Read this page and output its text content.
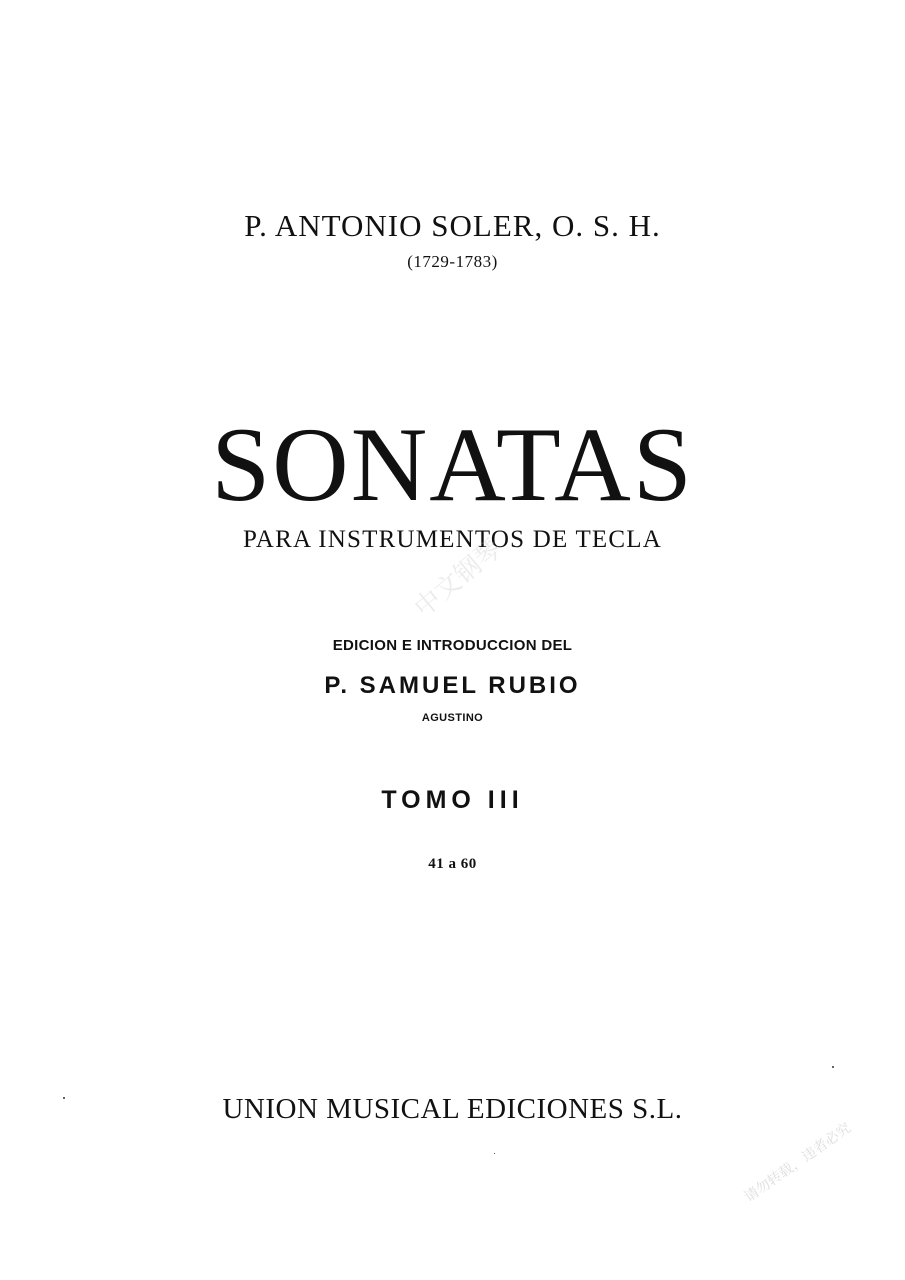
P. ANTONIO SOLER, O. S. H.
(1729-1783)
SONATAS
PARA INSTRUMENTOS DE TECLA
EDICION E INTRODUCCION DEL
P. SAMUEL RUBIO
AGUSTINO
TOMO III
41 a 60
UNION MUSICAL EDICIONES S.L.
中文钢琴
请勿转载，违者必究
